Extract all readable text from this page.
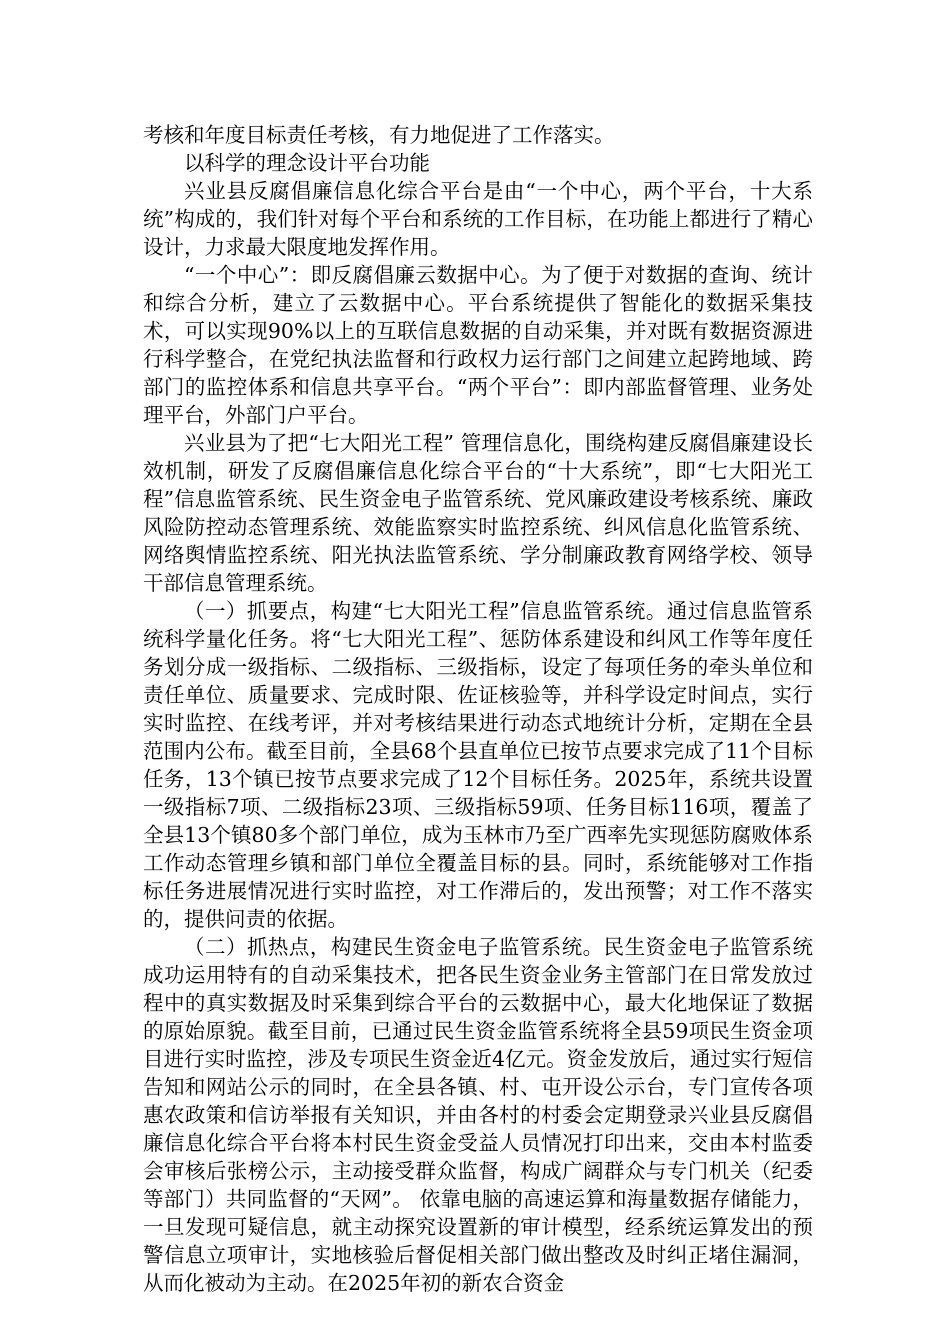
考核和年度目标责任考核，有力地促进了工作落实。

以科学的理念设计平台功能

兴业县反腐倡廉信息化综合平台是由“一个中心，两个平台，十大系统”构成的，我们针对每个平台和系统的工作目标，在功能上都进行了精心设计，力求最大限度地发挥作用。

“一个中心”：即反腐倡廉云数据中心。为了便于对数据的查询、统计和综合分析，建立了云数据中心。平台系统提供了智能化的数据采集技术，可以实现90%以上的互联信息数据的自动采集，并对既有数据资源进行科学整合，在党纪执法监督和行政权力运行部门之间建立起跨地域、跨部门的监控体系和信息共享平台。“两个平台”：即内部监督管理、业务处理平台，外部门户平台。

兴业县为了把“七大阳光工程” 管理信息化，围绕构建反腐倡廉建设长效机制，研发了反腐倡廉信息化综合平台的“十大系统”，即“七大阳光工程”信息监管系统、民生资金电子监管系统、党风廉政建设考核系统、廉政风险防控动态管理系统、效能监察实时监控系统、纠风信息化监管系统、网络舆情监控系统、阳光执法监管系统、学分制廉政教育网络学校、领导干部信息管理系统。

（一）抓要点，构建“七大阳光工程”信息监管系统。通过信息监管系统科学量化任务。将“七大阳光工程”、惩防体系建设和纠风工作等年度任务划分成一级指标、二级指标、三级指标，设定了每项任务的牵头单位和责任单位、质量要求、完成时限、佐证核验等，并科学设定时间点，实行实时监控、在线考评，并对考核结果进行动态式地统计分析，定期在全县范围内公布。截至目前，全县68个县直单位已按节点要求完成了11个目标任务，13个镇已按节点要求完成了12个目标任务。2025年，系统共设置一级指标7项、二级指标23项、三级指标59项、任务目标116项，覆盖了全县13个镇80多个部门单位，成为玉林市乃至广西率先实现惩防腐败体系工作动态管理乡镇和部门单位全覆盖目标的县。同时，系统能够对工作指标任务进展情况进行实时监控，对工作滞后的，发出预警；对工作不落实的，提供问责的依据。

（二）抓热点，构建民生资金电子监管系统。民生资金电子监管系统成功运用特有的自动采集技术，把各民生资金业务主管部门在日常发放过程中的真实数据及时采集到综合平台的云数据中心，最大化地保证了数据的原始原貌。截至目前，已通过民生资金监管系统将全县59项民生资金项目进行实时监控，涉及专项民生资金近4亿元。资金发放后，通过实行短信告知和网站公示的同时，在全县各镇、村、屯开设公示台，专门宣传各项惠农政策和信访举报有关知识，并由各村的村委会定期登录兴业县反腐倡廉信息化综合平台将本村民生资金受益人员情况打印出来，交由本村监委会审核后张榜公示，主动接受群众监督，构成广阔群众与专门机关（纪委等部门）共同监督的“天网”。 依靠电脑的高速运算和海量数据存储能力，一旦发现可疑信息，就主动探究设置新的审计模型，经系统运算发出的预警信息立项审计，实地核验后督促相关部门做出整改及时纠正堵住漏洞，从而化被动为主动。在2025年初的新农合资金
